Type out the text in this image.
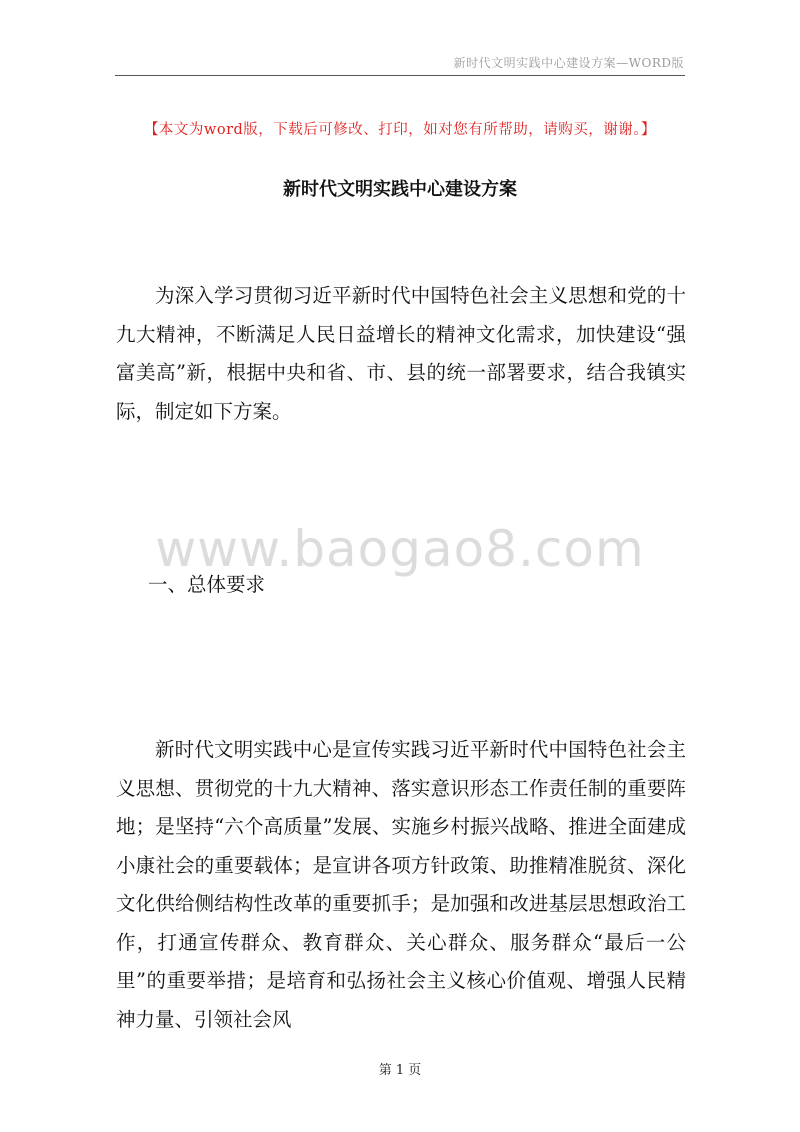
新时代文明实践中心建设方案—WORD版
【本文为word版，下载后可修改、打印，如对您有所帮助，请购买，谢谢。】
新时代文明实践中心建设方案
为深入学习贯彻习近平新时代中国特色社会主义思想和党的十九大精神，不断满足人民日益增长的精神文化需求，加快建设“强富美高”新，根据中央和省、市、县的统一部署要求，结合我镇实际，制定如下方案。
www.baogao8.com
一、总体要求
新时代文明实践中心是宣传实践习近平新时代中国特色社会主义思想、贯彻党的十九大精神、落实意识形态工作责任制的重要阵地；是坚持“六个高质量”发展、实施乡村振兴战略、推进全面建成小康社会的重要载体；是宣讲各项方针政策、助推精准脱贫、深化文化供给侧结构性改革的重要抓手；是加强和改进基层思想政治工作，打通宣传群众、教育群众、关心群众、服务群众“最后一公里”的重要举措；是培育和弘扬社会主义核心价值观、增强人民精神力量、引领社会风
第 1 页
